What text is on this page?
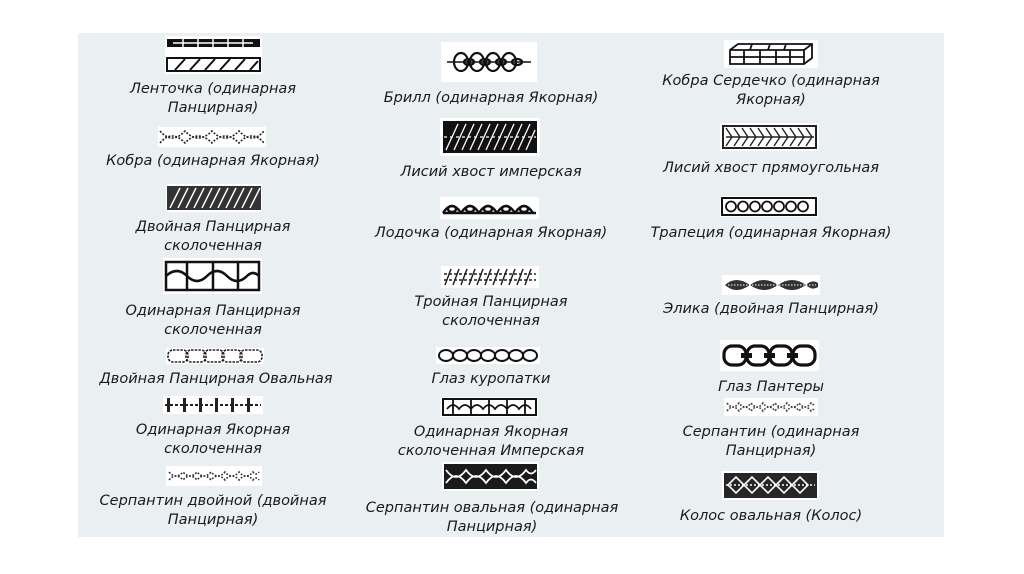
Ленточка (одинарная
Панцирная)
Кобра (одинарная Якорная)
Двойная Панцирная
сколоченная
Одинарная Панцирная
сколоченная
Двойная Панцирная Овальная
Одинарная Якорная
сколоченная
Серпантин двойной (двойная
Панцирная)
Брилл (одинарная Якорная)
Лисий хвост имперская
Лодочка (одинарная Якорная)
Тройная Панцирная
сколоченная
Глаз куропатки
Одинарная Якорная
сколоченная Имперская
Серпантин овальная (одинарная
Панцирная)
Кобра Сердечко (одинарная
Якорная)
Лисий хвост прямоугольная
Трапеция (одинарная Якорная)
Элика (двойная Панцирная)
Глаз Пантеры
Серпантин (одинарная
Панцирная)
Колос овальная (Колос)
